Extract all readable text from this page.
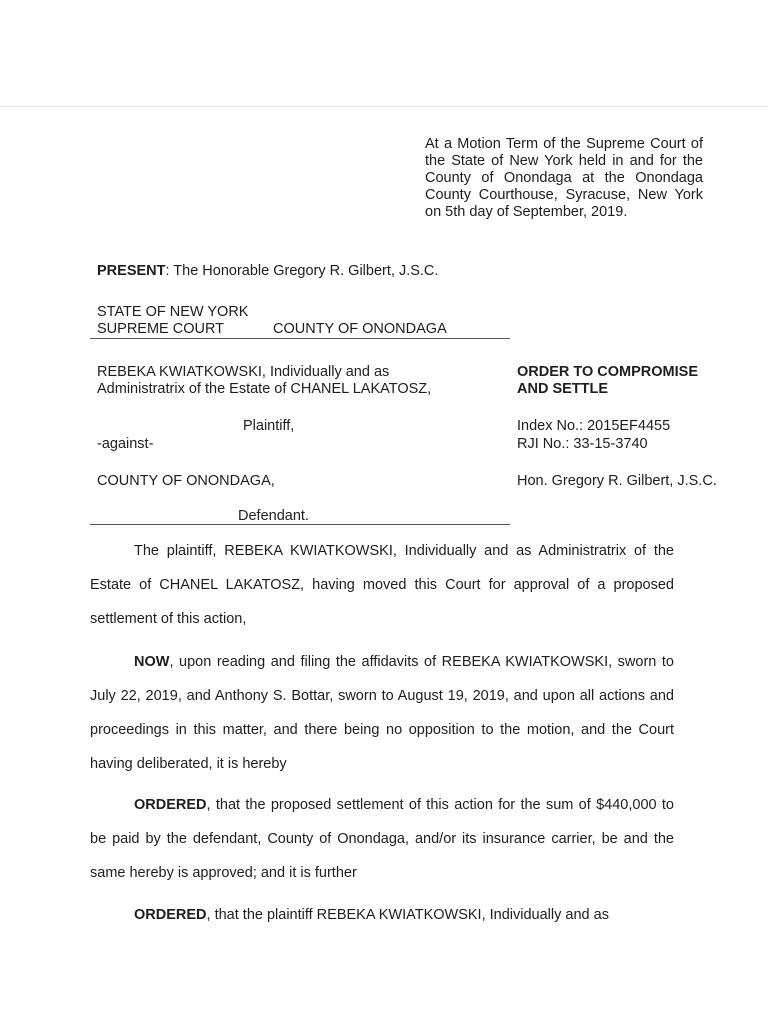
At a Motion Term of the Supreme Court of the State of New York held in and for the County of Onondaga at the Onondaga County Courthouse, Syracuse, New York on 5th day of September, 2019.
PRESENT: The Honorable Gregory R. Gilbert, J.S.C.
STATE OF NEW YORK
SUPREME COURT	COUNTY OF ONONDAGA
REBEKA KWIATKOWSKI, Individually and as
Administratrix of the Estate of CHANEL LAKATOSZ,
Plaintiff,
-against-
COUNTY OF ONONDAGA,
Defendant.
ORDER TO COMPROMISE
AND SETTLE
Index No.: 2015EF4455
RJI No.: 33-15-3740
Hon. Gregory R. Gilbert, J.S.C.
The plaintiff, REBEKA KWIATKOWSKI, Individually and as Administratrix of the Estate of CHANEL LAKATOSZ, having moved this Court for approval of a proposed settlement of this action,
NOW, upon reading and filing the affidavits of REBEKA KWIATKOWSKI, sworn to July 22, 2019, and Anthony S. Bottar, sworn to August 19, 2019, and upon all actions and proceedings in this matter, and there being no opposition to the motion, and the Court having deliberated, it is hereby
ORDERED, that the proposed settlement of this action for the sum of $440,000 to be paid by the defendant, County of Onondaga, and/or its insurance carrier, be and the same hereby is approved; and it is further
ORDERED, that the plaintiff REBEKA KWIATKOWSKI, Individually and as
